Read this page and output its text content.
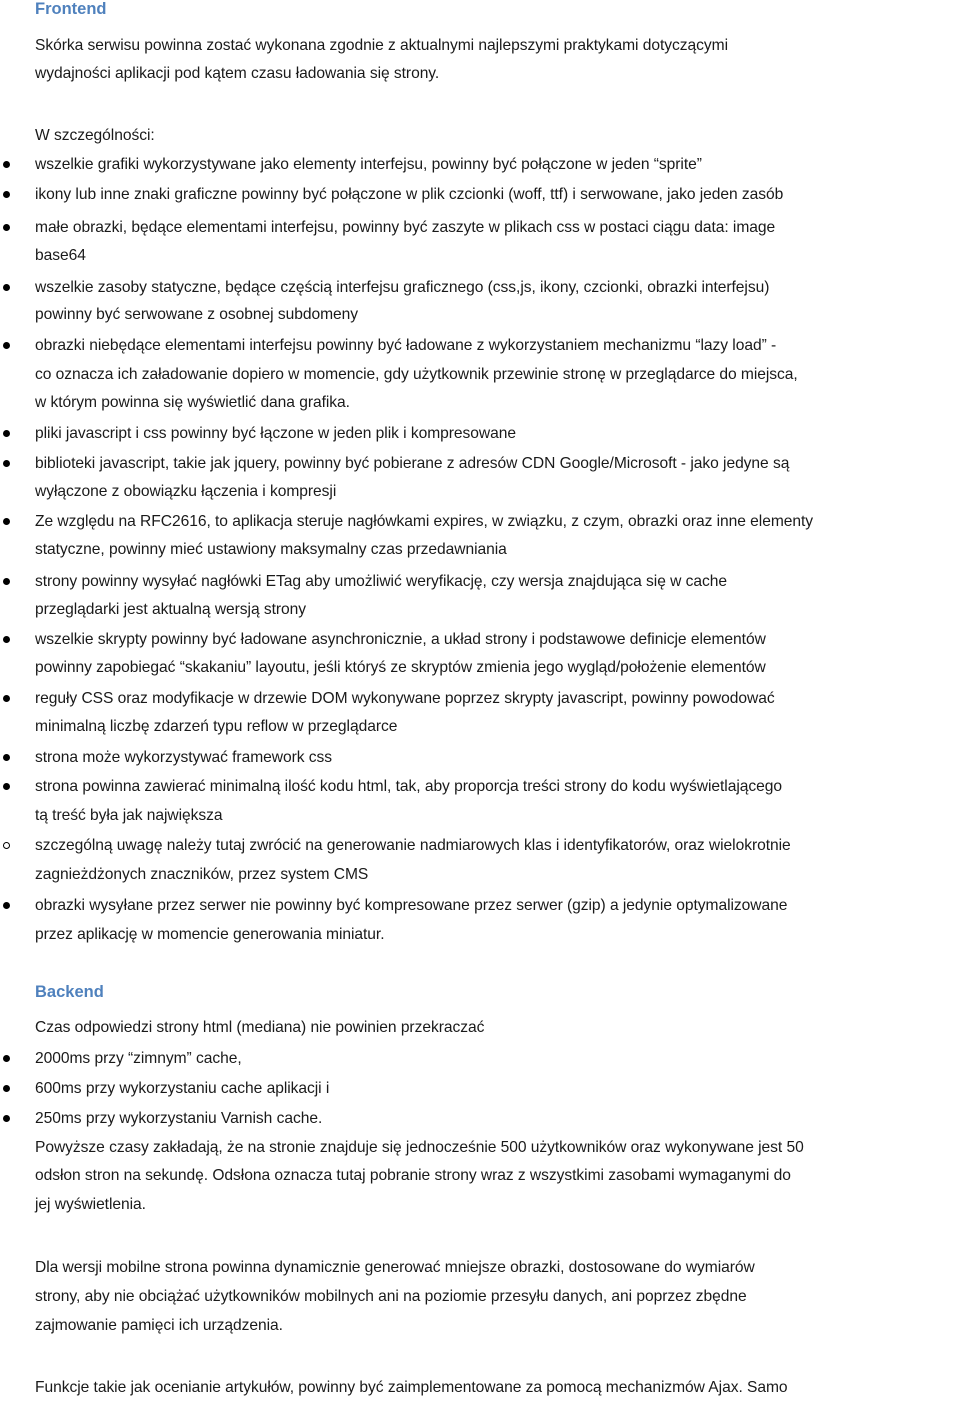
Frontend
Skórka serwisu powinna zostać wykonana zgodnie z aktualnymi najlepszymi praktykami dotyczącymi
wydajności aplikacji pod kątem czasu ładowania się strony.
W szczególności:
wszelkie grafiki wykorzystywane jako elementy interfejsu, powinny być połączone w jeden “sprite”
ikony lub inne znaki graficzne powinny być połączone w plik czcionki (woff, ttf) i serwowane, jako jeden zasób
małe obrazki, będące elementami interfejsu, powinny być zaszyte w plikach css w postaci ciągu data: image
base64
wszelkie zasoby statyczne, będące częścią interfejsu graficznego (css,js, ikony, czcionki, obrazki interfejsu)
powinny być serwowane z osobnej subdomeny
obrazki niebędące elementami interfejsu powinny być ładowane z wykorzystaniem mechanizmu “lazy load” -
co oznacza ich załadowanie dopiero w momencie, gdy użytkownik przewinie stronę w przeglądarce do miejsca,
w którym powinna się wyświetlić dana grafika.
pliki javascript i css powinny być łączone w jeden plik i kompresowane
biblioteki javascript, takie jak jquery, powinny być pobierane z adresów CDN Google/Microsoft - jako jedyne są
wyłączone z obowiązku łączenia i kompresji
Ze względu na RFC2616, to aplikacja steruje nagłówkami expires, w związku, z czym, obrazki oraz inne elementy
statyczne, powinny mieć ustawiony maksymalny czas przedawniania
strony powinny wysyłać nagłówki ETag aby umożliwić weryfikację, czy wersja znajdująca się w cache
przeglądarki jest aktualną wersją strony
wszelkie skrypty powinny być ładowane asynchronicznie, a układ strony i podstawowe definicje elementów
powinny zapobiegać “skakaniu” layoutu, jeśli któryś ze skryptów zmienia jego wygląd/położenie elementów
reguły CSS oraz modyfikacje w drzewie DOM wykonywane poprzez skrypty javascript, powinny powodować
minimalną liczbę zdarzeń typu reflow w przeglądarce
strona może wykorzystywać framework css
strona powinna zawierać minimalną ilość kodu html, tak, aby proporcja treści strony do kodu wyświetlającego
tą treść była jak największa
szczególną uwagę należy tutaj zwrócić na generowanie nadmiarowych klas i identyfikatorów, oraz wielokrotnie
zagnieżdżonych znaczników, przez system CMS
obrazki wysyłane przez serwer nie powinny być kompresowane przez serwer (gzip) a jedynie optymalizowane
przez aplikację w momencie generowania miniatur.
Backend
Czas odpowiedzi strony html (mediana) nie powinien przekraczać
2000ms przy “zimnym” cache,
600ms przy wykorzystaniu cache aplikacji i
250ms przy wykorzystaniu Varnish cache.
Powyższe czasy zakładają, że na stronie znajduje się jednocześnie 500 użytkowników oraz wykonywane jest 50
odsłon stron na sekundę. Odsłona oznacza tutaj pobranie strony wraz z wszystkimi zasobami wymaganymi do
jej wyświetlenia.
Dla wersji mobilne strona powinna dynamicznie generować mniejsze obrazki, dostosowane do wymiarów
strony, aby nie obciążać użytkowników mobilnych ani na poziomie przesyłu danych, ani poprzez zbędne
zajmowanie pamięci ich urządzenia.
Funkcje takie jak ocenianie artykułów, powinny być zaimplementowane za pomocą mechanizmów Ajax. Samo
